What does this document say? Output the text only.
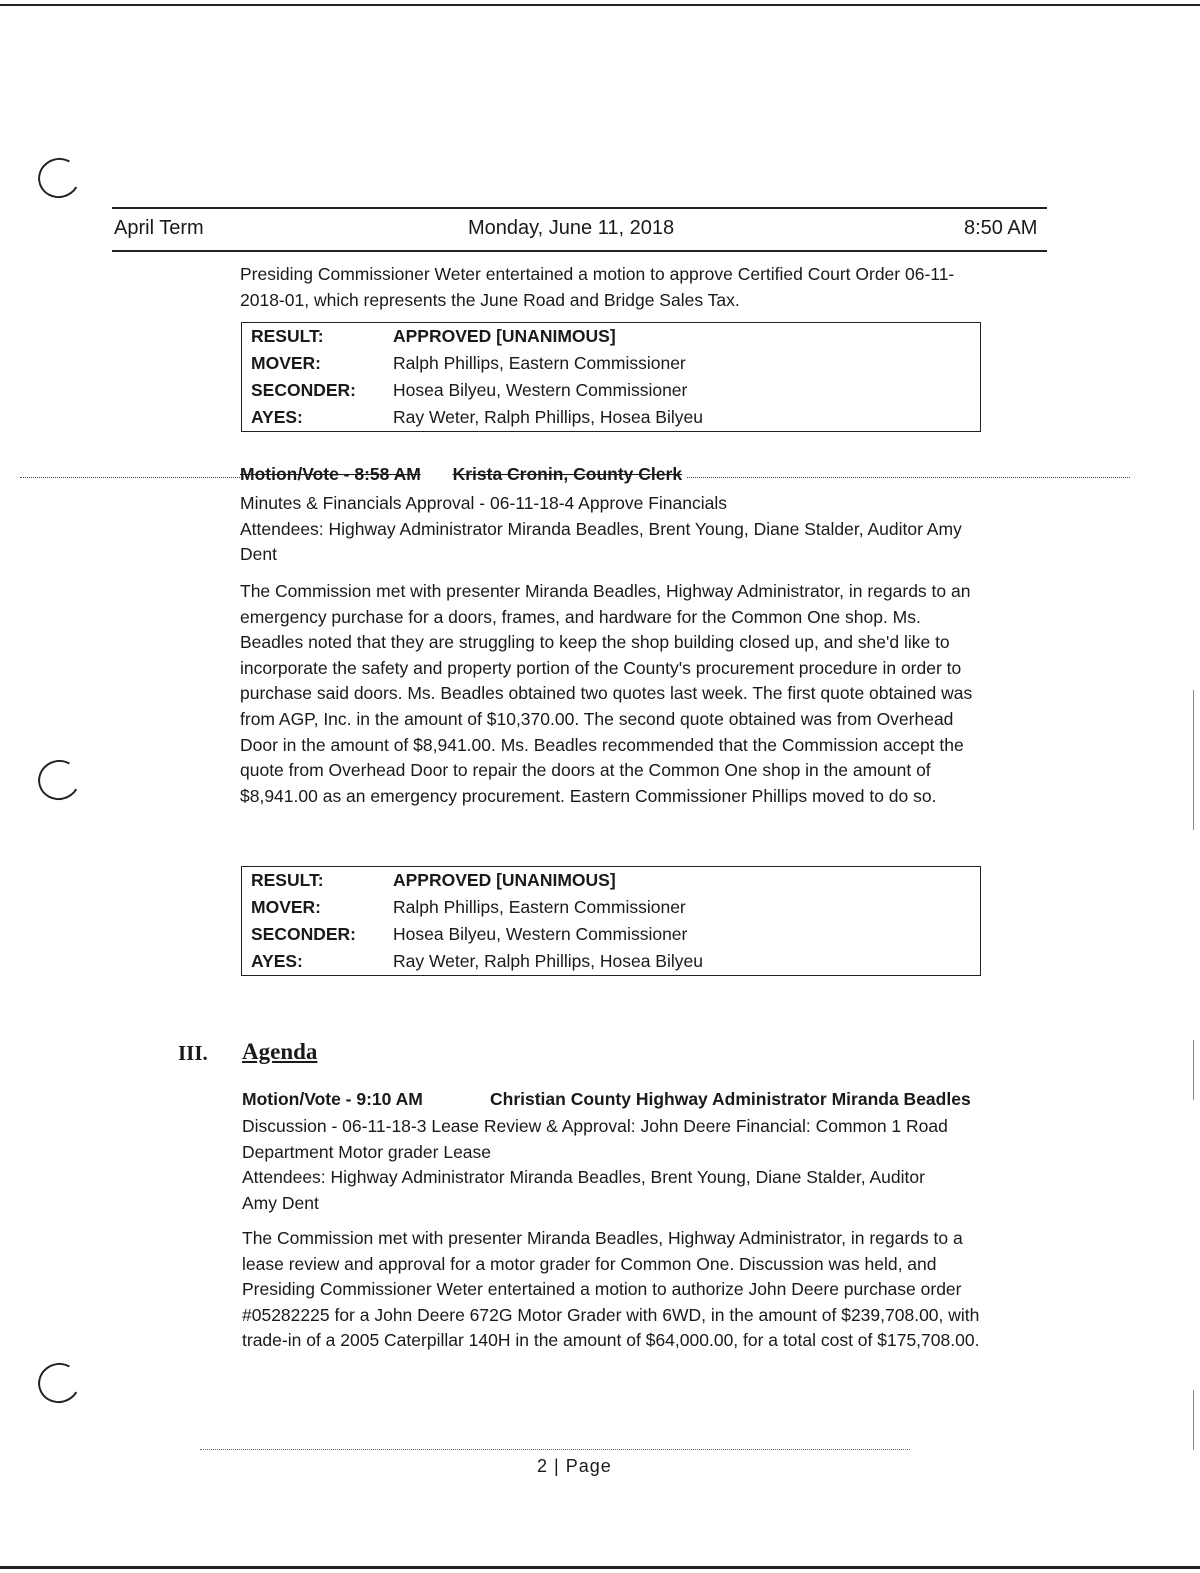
April Term	Monday, June 11, 2018	8:50 AM

Presiding Commissioner Weter entertained a motion to approve Certified Court Order 06-11-2018-01, which represents the June Road and Bridge Sales Tax.

RESULT:	APPROVED [UNANIMOUS]
MOVER:	Ralph Phillips, Eastern Commissioner
SECONDER: Hosea Bilyeu, Western Commissioner
AYES:	Ray Weter, Ralph Phillips, Hosea Bilyeu
Motion/Vote - 8:58 AM Krista Cronin, County Clerk

Minutes & Financials Approval - 06-11-18-4 Approve Financials

Attendees: Highway Administrator Miranda Beadles, Brent Young, Diane Stalder, Auditor Amy Dent

The Commission met with presenter Miranda Beadles, Highway Administrator, in regards to an emergency purchase for a doors, frames, and hardware for the Common One shop. Ms. Beadles noted that they are struggling to keep the shop building closed up, and she'd like to incorporate the safety and property portion of the County's procurement procedure in order to purchase said doors. Ms. Beadles obtained two quotes last week. The first quote obtained was from AGP, Inc. in the amount of $10,370.00. The second quote obtained was from Overhead Door in the amount of $8,941.00. Ms. Beadles recommended that the Commission accept the quote from Overhead Door to repair the doors at the Common One shop in the amount of $8,941.00 as an emergency procurement. Eastern Commissioner Phillips moved to do so.

RESULT:	APPROVED [UNANIMOUS]
MOVER:	Ralph Phillips, Eastern Commissioner
SECONDER: Hosea Bilyeu, Western Commissioner
AYES:	Ray Weter, Ralph Phillips, Hosea Bilyeu
III. Agenda
Motion/Vote - 9:10 AM	Christian County Highway Administrator Miranda Beadles

Discussion - 06-11-18-3 Lease Review & Approval: John Deere Financial: Common 1 Road Department Motor grader Lease

Attendees: Highway Administrator Miranda Beadles, Brent Young, Diane Stalder, Auditor Amy Dent

The Commission met with presenter Miranda Beadles, Highway Administrator, in regards to a lease review and approval for a motor grader for Common One. Discussion was held, and Presiding Commissioner Weter entertained a motion to authorize John Deere purchase order #05282225 for a John Deere 672G Motor Grader with 6WD, in the amount of $239,708.00, with trade-in of a 2005 Caterpillar 140H in the amount of $64,000.00, for a total cost of $175,708.00.

2 | Page
